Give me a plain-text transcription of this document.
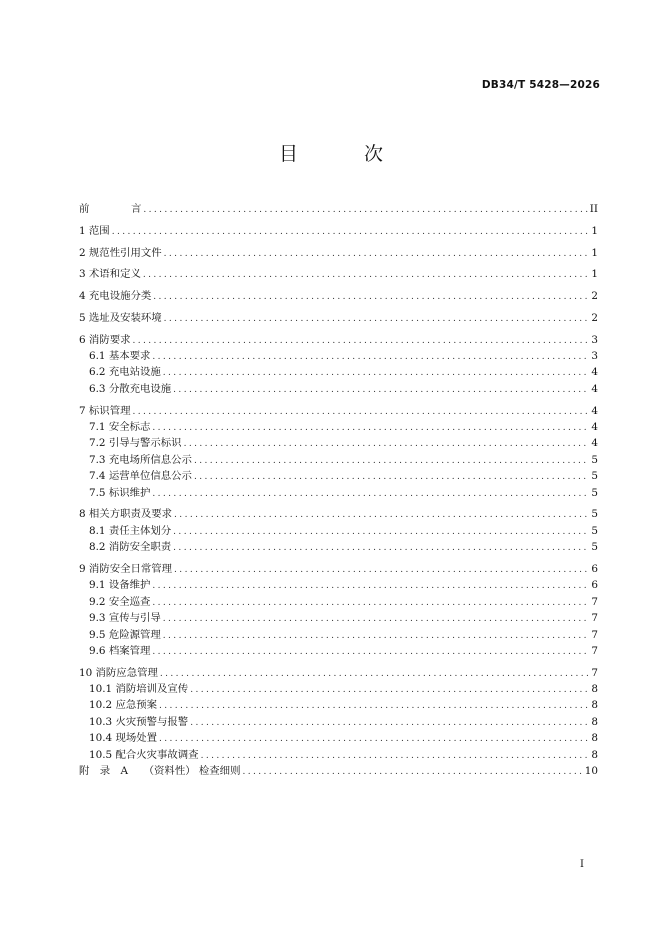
DB34/T 5428—2026
目 次
前　　　　言 .....	II
1 范围 .....	1
2 规范性引用文件 .....	1
3 术语和定义 .....	1
4 充电设施分类 .....	2
5 选址及安装环境 .....	2
6 消防要求 .....	3
6.1 基本要求 .....	3
6.2 充电站设施 .....	4
6.3 分散充电设施 .....	4
7 标识管理 .....	4
7.1 安全标志 .....	4
7.2 引导与警示标识 .....	4
7.3 充电场所信息公示 .....	5
7.4 运营单位信息公示 .....	5
7.5 标识维护 .....	5
8 相关方职责及要求 .....	5
8.1 责任主体划分 .....	5
8.2 消防安全职责 .....	5
9 消防安全日常管理 .....	6
9.1 设备维护 .....	6
9.2 安全巡查 .....	7
9.3 宣传与引导 .....	7
9.5 危险源管理 .....	7
9.6 档案管理 .....	7
10 消防应急管理 .....	7
10.1 消防培训及宣传 .....	8
10.2 应急预案 .....	8
10.3 火灾预警与报警 .....	8
10.4 现场处置 .....	8
10.5 配合火灾事故调查 .....	8
附　录　A　　（资料性） 检查细则 .....	10
I
